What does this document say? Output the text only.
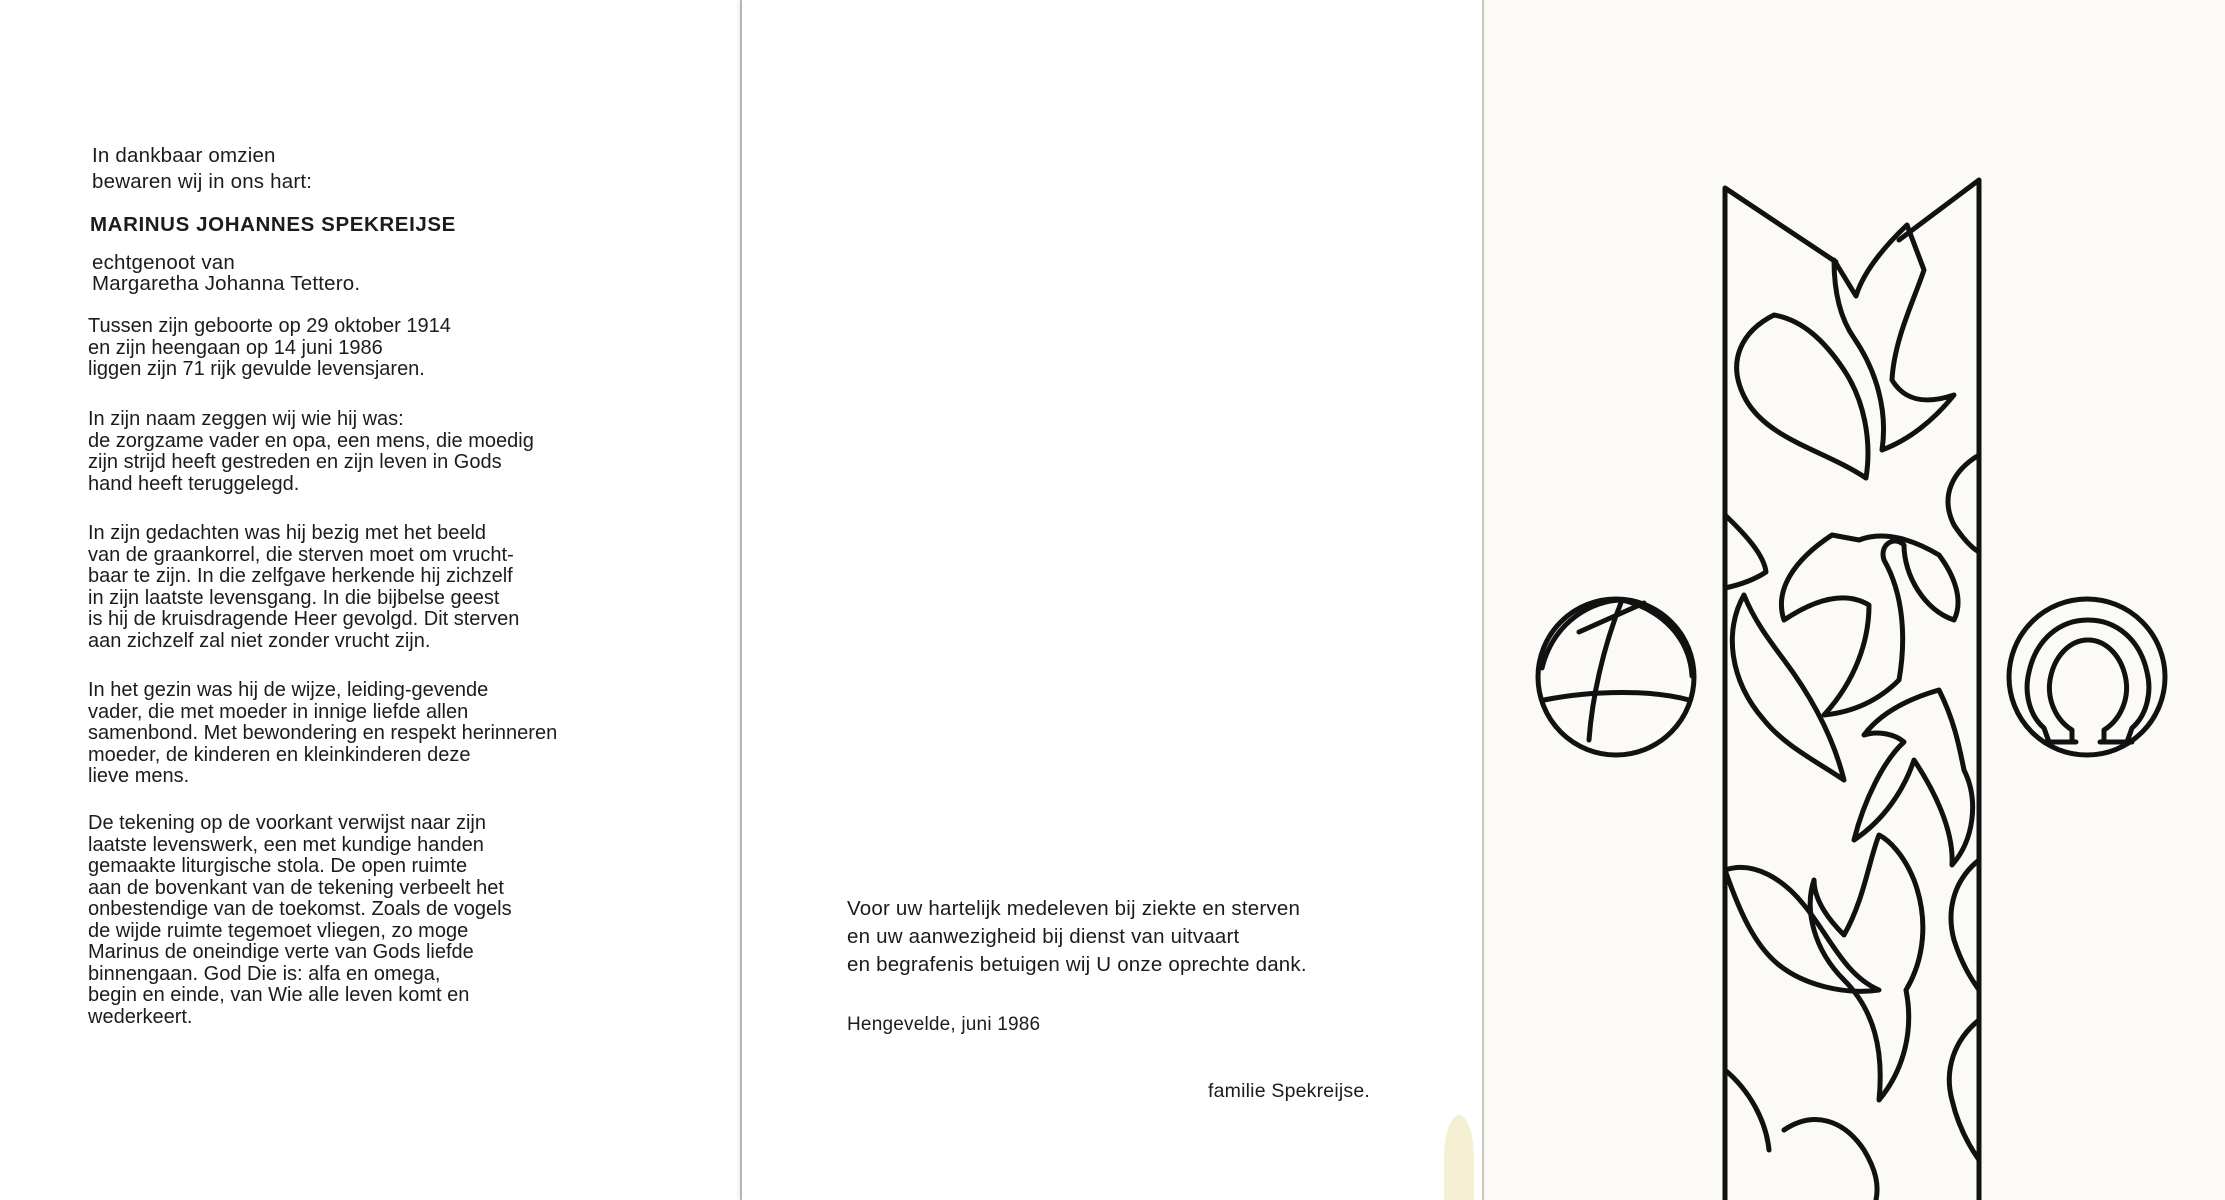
In dankbaar omzien
bewaren wij in ons hart:
MARINUS JOHANNES SPEKREIJSE
echtgenoot van
Margaretha Johanna Tettero.
Tussen zijn geboorte op 29 oktober 1914
en zijn heengaan op 14 juni 1986
liggen zijn 71 rijk gevulde levensjaren.
In zijn naam zeggen wij wie hij was:
de zorgzame vader en opa, een mens, die moedig
zijn strijd heeft gestreden en zijn leven in Gods
hand heeft teruggelegd.
In zijn gedachten was hij bezig met het beeld
van de graankorrel, die sterven moet om vrucht-
baar te zijn. In die zelfgave herkende hij zichzelf
in zijn laatste levensgang. In die bijbelse geest
is hij de kruisdragende Heer gevolgd. Dit sterven
aan zichzelf zal niet zonder vrucht zijn.
In het gezin was hij de wijze, leiding-gevende
vader, die met moeder in innige liefde allen
samenbond. Met bewondering en respekt herinneren
moeder, de kinderen en kleinkinderen deze
lieve mens.
De tekening op de voorkant verwijst naar zijn
laatste levenswerk, een met kundige handen
gemaakte liturgische stola. De open ruimte
aan de bovenkant van de tekening verbeelt het
onbestendige van de toekomst. Zoals de vogels
de wijde ruimte tegemoet vliegen, zo moge
Marinus de oneindige verte van Gods liefde
binnengaan. God Die is: alfa en omega,
begin en einde, van Wie alle leven komt en
wederkeert.
Voor uw hartelijk medeleven bij ziekte en sterven
en uw aanwezigheid bij dienst van uitvaart
en begrafenis betuigen wij U onze oprechte dank.
Hengevelde, juni 1986
familie Spekreijse.
